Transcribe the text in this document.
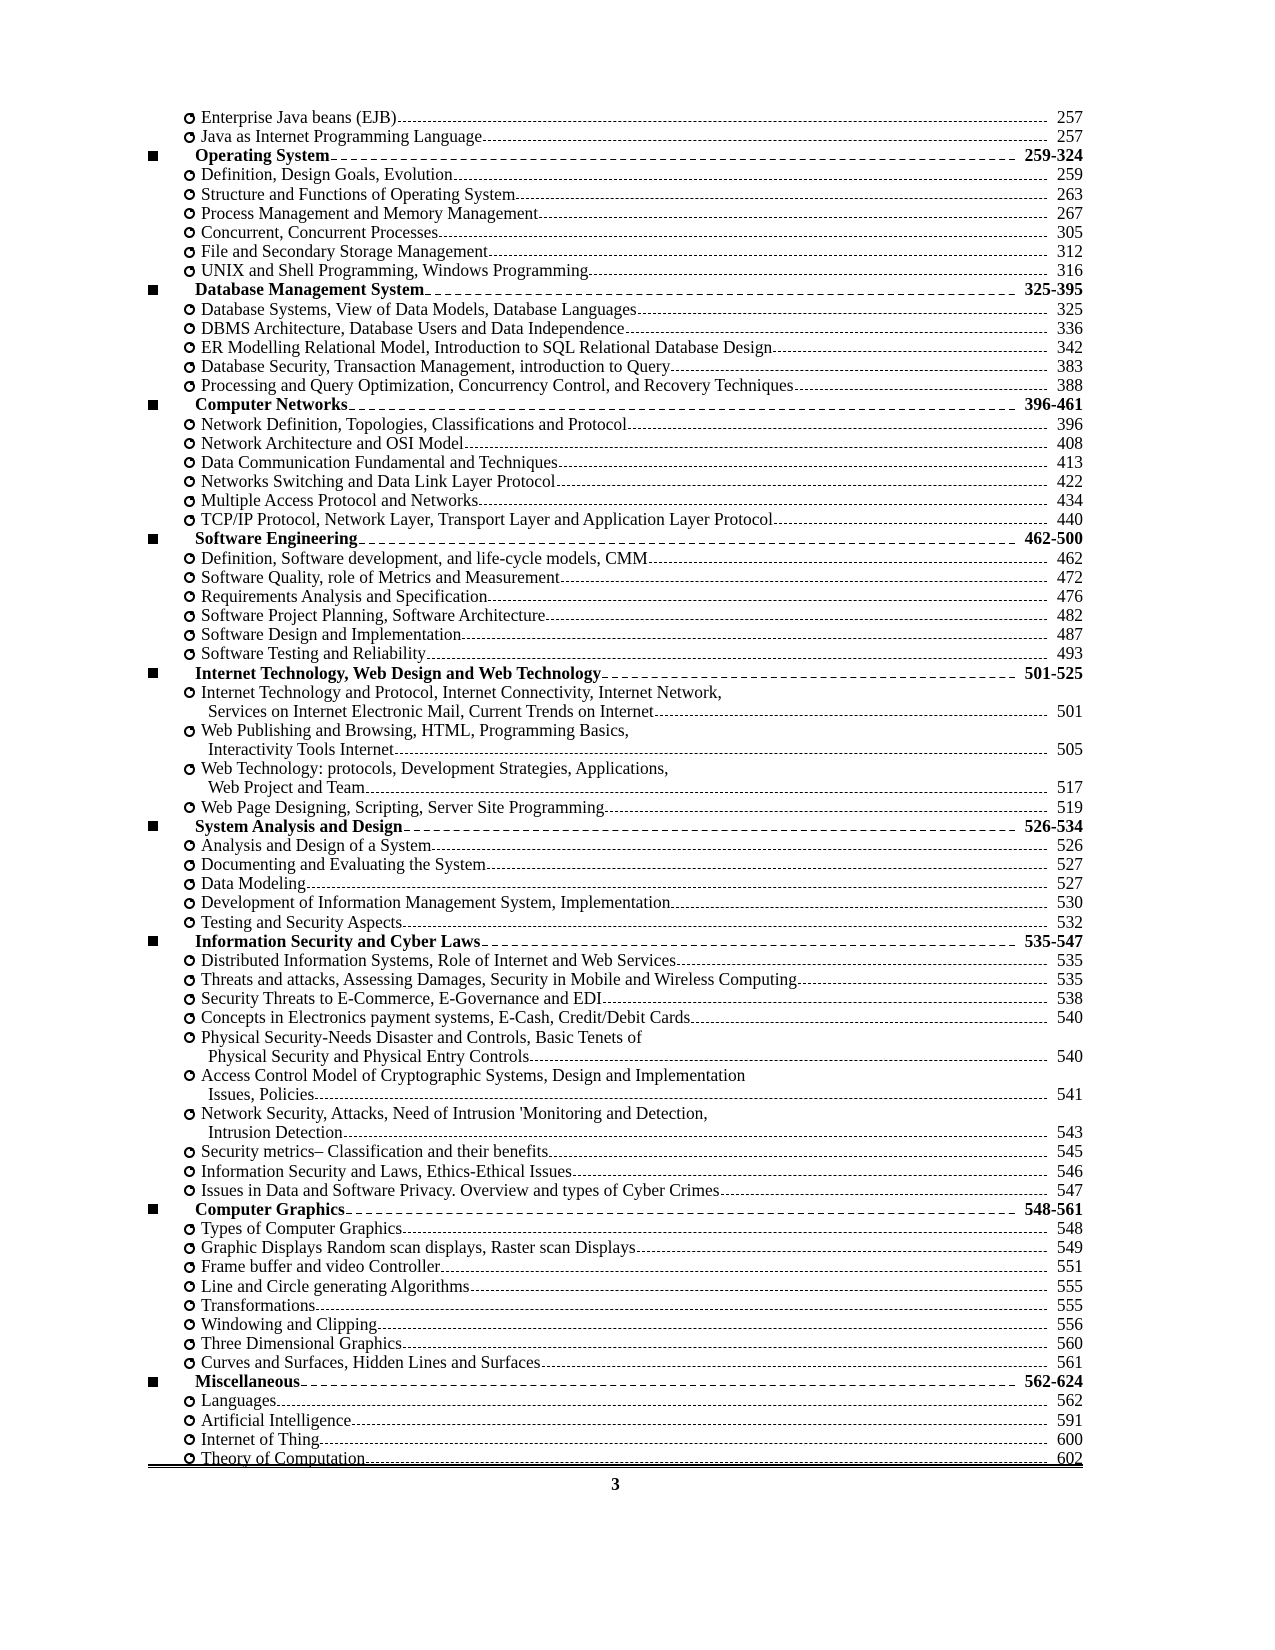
Enterprise Java beans (EJB)	257
Java as Internet Programming Language	257
Operating System	259-324
Definition, Design Goals, Evolution	259
Structure and Functions of Operating System	263
Process Management and Memory Management	267
Concurrent, Concurrent Processes	305
File and Secondary Storage Management	312
UNIX and Shell Programming, Windows Programming	316
Database Management System	325-395
Database Systems, View of Data Models, Database Languages	325
DBMS Architecture, Database Users and Data Independence	336
ER Modelling Relational Model, Introduction to SQL Relational Database Design	342
Database Security, Transaction Management, introduction to Query	383
Processing and Query Optimization, Concurrency Control, and Recovery Techniques	388
Computer Networks	396-461
Network Definition, Topologies, Classifications and Protocol	396
Network Architecture and OSI Model	408
Data Communication Fundamental and Techniques	413
Networks Switching and Data Link Layer Protocol	422
Multiple Access Protocol and Networks	434
TCP/IP Protocol, Network Layer, Transport Layer and Application Layer Protocol	440
Software Engineering	462-500
Definition, Software development, and life-cycle models, CMM	462
Software Quality, role of Metrics and Measurement	472
Requirements Analysis and Specification	476
Software Project Planning, Software Architecture	482
Software Design and Implementation	487
Software Testing and Reliability	493
Internet Technology, Web Design and Web Technology	501-525
Internet Technology and Protocol, Internet Connectivity, Internet Network,
Services on Internet Electronic Mail, Current Trends on Internet	501
Web Publishing and Browsing, HTML, Programming Basics,
Interactivity Tools Internet	505
Web Technology: protocols, Development Strategies, Applications,
Web Project and Team	517
Web Page Designing, Scripting, Server Site Programming	519
System Analysis and Design	526-534
Analysis and Design of a System	526
Documenting and Evaluating the System	527
Data Modeling	527
Development of Information Management System, Implementation	530
Testing and Security Aspects	532
Information Security and Cyber Laws	535-547
Distributed Information Systems, Role of Internet and Web Services	535
Threats and attacks, Assessing Damages, Security in Mobile and Wireless Computing	535
Security Threats to E-Commerce, E-Governance and EDI	538
Concepts in Electronics payment systems, E-Cash, Credit/Debit Cards	540
Physical Security-Needs Disaster and Controls, Basic Tenets of
Physical Security and Physical Entry Controls	540
Access Control Model of Cryptographic Systems, Design and Implementation
Issues, Policies	541
Network Security, Attacks, Need of Intrusion 'Monitoring and Detection,
Intrusion Detection	543
Security metrics– Classification and their benefits	545
Information Security and Laws, Ethics-Ethical Issues	546
Issues in Data and Software Privacy. Overview and types of Cyber Crimes	547
Computer Graphics	548-561
Types of Computer Graphics	548
Graphic Displays Random scan displays, Raster scan Displays	549
Frame buffer and video Controller	551
Line and Circle generating Algorithms	555
Transformations	555
Windowing and Clipping	556
Three Dimensional Graphics	560
Curves and Surfaces, Hidden Lines and Surfaces	561
Miscellaneous	562-624
Languages	562
Artificial Intelligence	591
Internet of Thing	600
Theory of Computation	602
3
